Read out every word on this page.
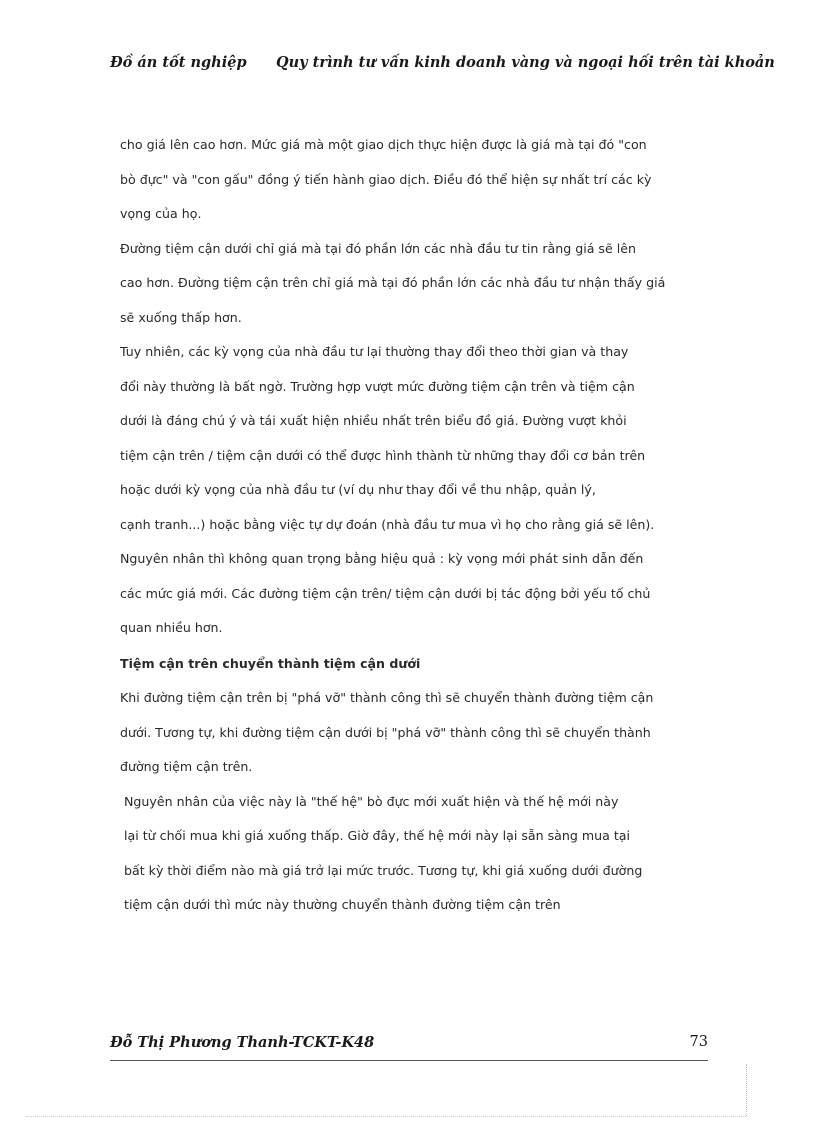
Đồ án tốt nghiệp Quy trình tư vấn kinh doanh vàng và ngoại hối trên tài khoản

cho giá lên cao hơn. Mức giá mà một giao dịch thực hiện được là giá mà tại đó "con

bò đực" và "con gấu" đồng ý tiến hành giao dịch. Điều đó thể hiện sự nhất trí các kỳ

vọng của họ.

Đường tiệm cận dưới chỉ giá mà tại đó phần lớn các nhà đầu tư tin rằng giá sẽ lên

cao hơn. Đường tiệm cận trên chỉ giá mà tại đó phần lớn các nhà đầu tư nhận thấy giá

sẽ xuống thấp hơn.

Tuy nhiên, các kỳ vọng của nhà đầu tư lại thường thay đổi theo thời gian và thay

đổi này thường là bất ngờ. Trường hợp vượt mức đường tiệm cận trên và tiệm cận

dưới là đáng chú ý và tái xuất hiện nhiều nhất trên biểu đồ giá. Đường vượt khỏi

tiệm cận trên / tiệm cận dưới có thể được hình thành từ những thay đổi cơ bản trên

hoặc dưới kỳ vọng của nhà đầu tư (ví dụ như thay đổi về thu nhập, quản lý,

cạnh tranh...) hoặc bằng việc tự dự đoán (nhà đầu tư mua vì họ cho rằng giá sẽ lên).

Nguyên nhân thì không quan trọng bằng hiệu quả : kỳ vọng mới phát sinh dẫn đến

các mức giá mới. Các đường tiệm cận trên/ tiệm cận dưới bị tác động bởi yếu tố chủ

quan nhiều hơn.

Tiệm cận trên chuyển thành tiệm cận dưới

Khi đường tiệm cận trên bị "phá vỡ" thành công thì sẽ chuyển thành đường tiệm cận

dưới. Tương tự, khi đường tiệm cận dưới bị "phá vỡ" thành công thì sẽ chuyển thành

đường tiệm cận trên.

Nguyên nhân của việc này là "thế hệ" bò đực mới xuất hiện và thế hệ mới này

lại từ chối mua khi giá xuống thấp. Giờ đây, thế hệ mới này lại sẵn sàng mua tại

bất kỳ thời điểm nào mà giá trở lại mức trước. Tương tự, khi giá xuống dưới đường

tiệm cận dưới thì mức này thường chuyển thành đường tiệm cận trên

Đỗ Thị Phương Thanh-TCKT-K48	73
